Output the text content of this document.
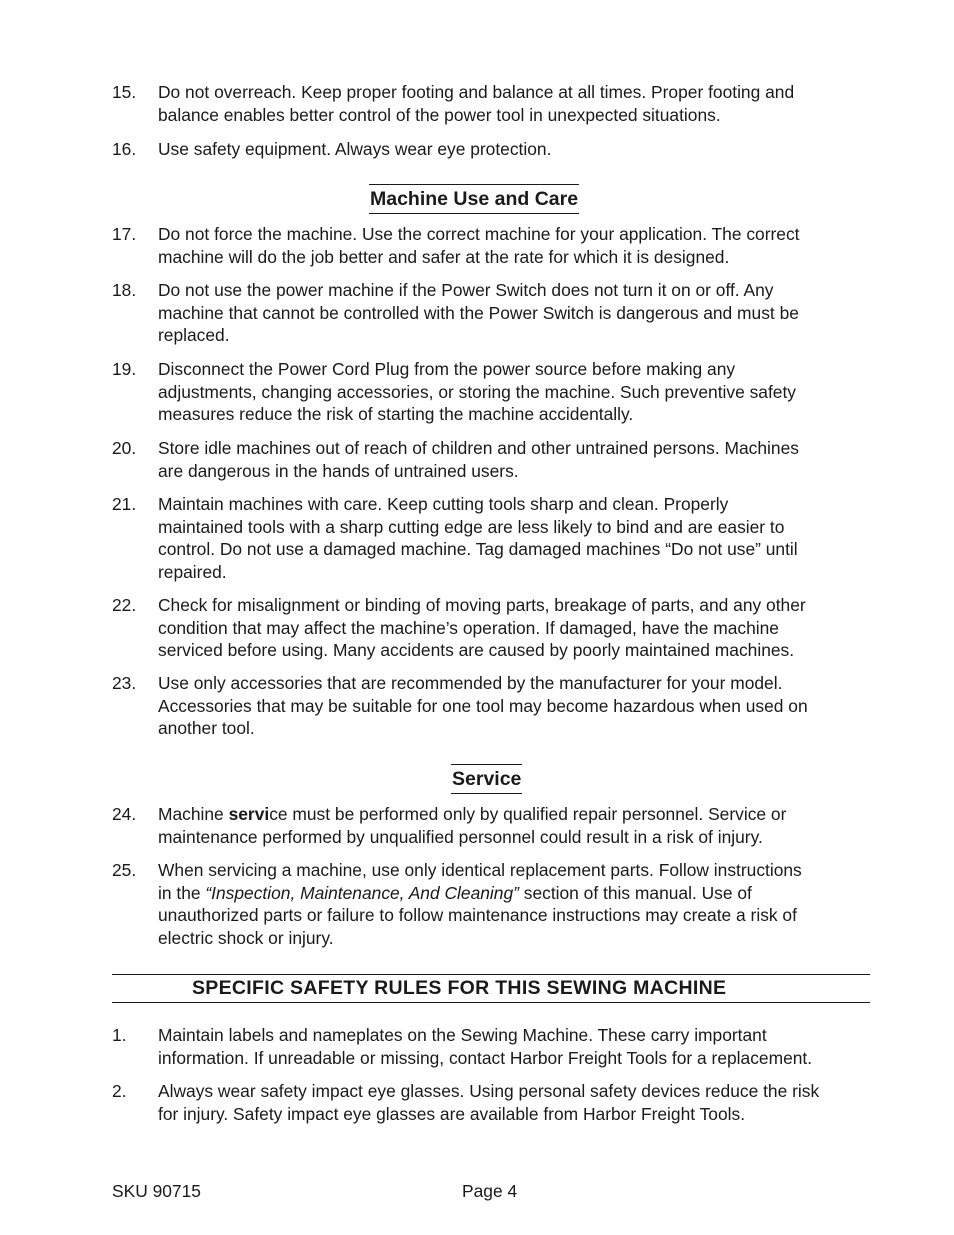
15.	Do not overreach. Keep proper footing and balance at all times. Proper footing and
balance enables better control of the power tool in unexpected situations.
16.	Use safety equipment. Always wear eye protection.
Machine Use and Care
17.	Do not force the machine. Use the correct machine for your application. The correct
machine will do the job better and safer at the rate for which it is designed.
18.	Do not use the power machine if the Power Switch does not turn it on or off. Any
machine that cannot be controlled with the Power Switch is dangerous and must be
replaced.
19.	Disconnect the Power Cord Plug from the power source before making any
adjustments, changing accessories, or storing the machine. Such preventive safety
measures reduce the risk of starting the machine accidentally.
20.	Store idle machines out of reach of children and other untrained persons. Machines
are dangerous in the hands of untrained users.
21.	Maintain machines with care. Keep cutting tools sharp and clean. Properly
maintained tools with a sharp cutting edge are less likely to bind and are easier to
control. Do not use a damaged machine. Tag damaged machines “Do not use” until
repaired.
22.	Check for misalignment or binding of moving parts, breakage of parts, and any other
condition that may affect the machine’s operation. If damaged, have the machine
serviced before using. Many accidents are caused by poorly maintained machines.
23.	Use only accessories that are recommended by the manufacturer for your model.
Accessories that may be suitable for one tool may become hazardous when used on
another tool.
Service
24.	Machine service must be performed only by qualified repair personnel. Service or
maintenance performed by unqualified personnel could result in a risk of injury.
25.	When servicing a machine, use only identical replacement parts. Follow instructions
in the “Inspection, Maintenance, And Cleaning” section of this manual. Use of
unauthorized parts or failure to follow maintenance instructions may create a risk of
electric shock or injury.
SPECIFIC SAFETY RULES FOR THIS SEWING MACHINE
1.	Maintain labels and nameplates on the Sewing Machine. These carry important
information. If unreadable or missing, contact Harbor Freight Tools for a replacement.
2.	Always wear safety impact eye glasses. Using personal safety devices reduce the risk
for injury. Safety impact eye glasses are available from Harbor Freight Tools.
SKU 90715	Page 4
